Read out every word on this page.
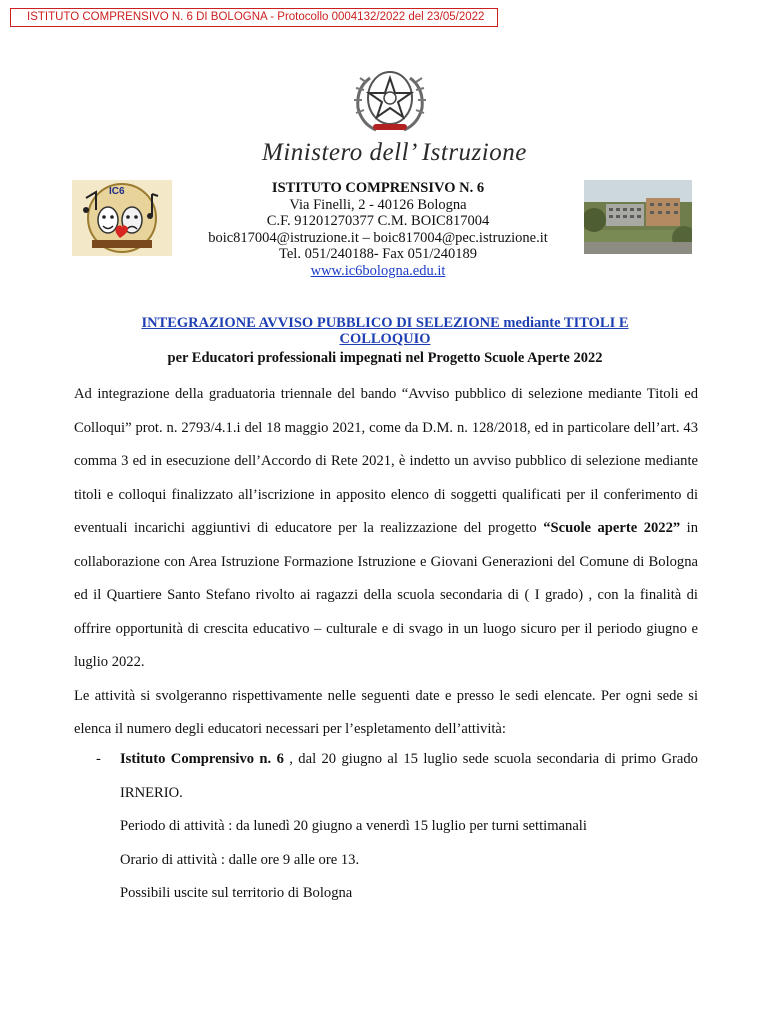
ISTITUTO COMPRENSIVO N. 6 DI BOLOGNA - Protocollo 0004132/2022 del 23/05/2022
Ministero dell’ Istruzione
IC6	ISTITUTO COMPRENSIVO N. 6
Via Finelli, 2 - 40126 Bologna
C.F. 91201270377 C.M. BOIC817004
boic817004@istruzione.it – boic817004@pec.istruzione.it
Tel. 051/240188- Fax 051/240189
www.ic6bologna.edu.it
INTEGRAZIONE AVVISO PUBBLICO DI SELEZIONE mediante TITOLI E COLLOQUIO
per Educatori professionali impegnati nel Progetto Scuole Aperte 2022

Ad integrazione della graduatoria triennale del bando “Avviso pubblico di selezione mediante Titoli ed Colloqui” prot. n. 2793/4.1.i del 18 maggio 2021, come da D.M. n. 128/2018, ed in particolare dell’art. 43 comma 3 ed in esecuzione dell’Accordo di Rete 2021, è indetto un avviso pubblico di selezione mediante titoli e colloqui finalizzato all’iscrizione in apposito elenco di soggetti qualificati per il conferimento di eventuali incarichi aggiuntivi di educatore per la realizzazione del progetto “Scuole aperte 2022” in collaborazione con Area Istruzione Formazione Istruzione e Giovani Generazioni del Comune di Bologna ed il Quartiere Santo Stefano rivolto ai ragazzi della scuola secondaria di ( I grado) , con la finalità di offrire opportunità di crescita educativo – culturale e di svago in un luogo sicuro per il periodo giugno e luglio 2022.

Le attività si svolgeranno rispettivamente nelle seguenti date e presso le sedi elencate. Per ogni sede si elenca il numero degli educatori necessari per l’espletamento dell’attività:

- Istituto Comprensivo n. 6 , dal 20 giugno al 15 luglio sede scuola secondaria di primo Grado IRNERIO.
Periodo di attività : da lunedì 20 giugno a venerdì 15 luglio per turni settimanali
Orario di attività : dalle ore 9 alle ore 13.
Possibili uscite sul territorio di Bologna
